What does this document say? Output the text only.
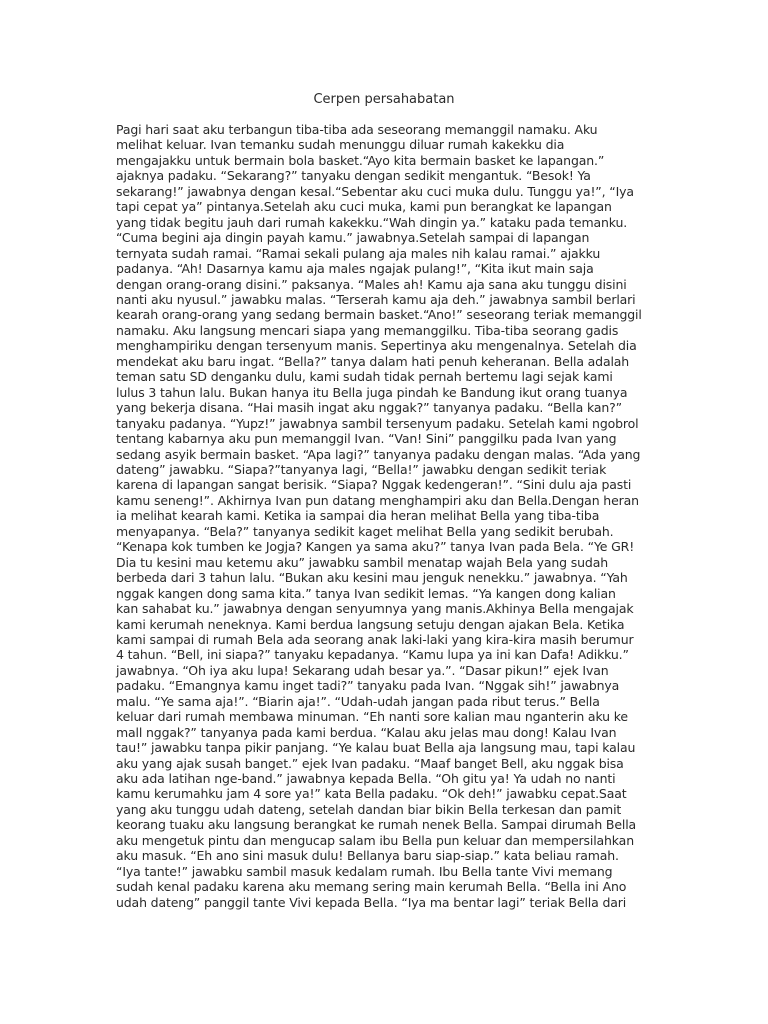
Cerpen persahabatan
Pagi hari saat aku terbangun tiba-tiba ada seseorang memanggil namaku. Aku
melihat keluar. Ivan temanku sudah menunggu diluar rumah kakekku dia
mengajakku untuk bermain bola basket.“Ayo kita bermain basket ke lapangan.”
ajaknya padaku. “Sekarang?” tanyaku dengan sedikit mengantuk. “Besok! Ya
sekarang!” jawabnya dengan kesal.“Sebentar aku cuci muka dulu. Tunggu ya!”, “Iya
tapi cepat ya” pintanya.Setelah aku cuci muka, kami pun berangkat ke lapangan
yang tidak begitu jauh dari rumah kakekku.“Wah dingin ya.” kataku pada temanku.
“Cuma begini aja dingin payah kamu.” jawabnya.Setelah sampai di lapangan
ternyata sudah ramai. “Ramai sekali pulang aja males nih kalau ramai.” ajakku
padanya. “Ah! Dasarnya kamu aja males ngajak pulang!”, “Kita ikut main saja
dengan orang-orang disini.” paksanya. “Males ah! Kamu aja sana aku tunggu disini
nanti aku nyusul.” jawabku malas. “Terserah kamu aja deh.” jawabnya sambil berlari
kearah orang-orang yang sedang bermain basket.“Ano!” seseorang teriak memanggil
namaku. Aku langsung mencari siapa yang memanggilku. Tiba-tiba seorang gadis
menghampiriku dengan tersenyum manis. Sepertinya aku mengenalnya. Setelah dia
mendekat aku baru ingat. “Bella?” tanya dalam hati penuh keheranan. Bella adalah
teman satu SD denganku dulu, kami sudah tidak pernah bertemu lagi sejak kami
lulus 3 tahun lalu. Bukan hanya itu Bella juga pindah ke Bandung ikut orang tuanya
yang bekerja disana. “Hai masih ingat aku nggak?” tanyanya padaku. “Bella kan?”
tanyaku padanya. “Yupz!” jawabnya sambil tersenyum padaku. Setelah kami ngobrol
tentang kabarnya aku pun memanggil Ivan. “Van! Sini” panggilku pada Ivan yang
sedang asyik bermain basket. “Apa lagi?” tanyanya padaku dengan malas. “Ada yang
dateng” jawabku. “Siapa?”tanyanya lagi, “Bella!” jawabku dengan sedikit teriak
karena di lapangan sangat berisik. “Siapa? Nggak kedengeran!”. “Sini dulu aja pasti
kamu seneng!”. Akhirnya Ivan pun datang menghampiri aku dan Bella.Dengan heran
ia melihat kearah kami. Ketika ia sampai dia heran melihat Bella yang tiba-tiba
menyapanya. “Bela?” tanyanya sedikit kaget melihat Bella yang sedikit berubah.
“Kenapa kok tumben ke Jogja? Kangen ya sama aku?” tanya Ivan pada Bela. “Ye GR!
Dia tu kesini mau ketemu aku” jawabku sambil menatap wajah Bela yang sudah
berbeda dari 3 tahun lalu. “Bukan aku kesini mau jenguk nenekku.” jawabnya. “Yah
nggak kangen dong sama kita.” tanya Ivan sedikit lemas. “Ya kangen dong kalian
kan sahabat ku.” jawabnya dengan senyumnya yang manis.Akhinya Bella mengajak
kami kerumah neneknya. Kami berdua langsung setuju dengan ajakan Bela. Ketika
kami sampai di rumah Bela ada seorang anak laki-laki yang kira-kira masih berumur
4 tahun. “Bell, ini siapa?” tanyaku kepadanya. “Kamu lupa ya ini kan Dafa! Adikku.”
jawabnya. “Oh iya aku lupa! Sekarang udah besar ya.”. “Dasar pikun!” ejek Ivan
padaku. “Emangnya kamu inget tadi?” tanyaku pada Ivan. “Nggak sih!” jawabnya
malu. “Ye sama aja!”. “Biarin aja!”. “Udah-udah jangan pada ribut terus.” Bella
keluar dari rumah membawa minuman. “Eh nanti sore kalian mau nganterin aku ke
mall nggak?” tanyanya pada kami berdua. “Kalau aku jelas mau dong! Kalau Ivan
tau!” jawabku tanpa pikir panjang. “Ye kalau buat Bella aja langsung mau, tapi kalau
aku yang ajak susah banget.” ejek Ivan padaku. “Maaf banget Bell, aku nggak bisa
aku ada latihan nge-band.” jawabnya kepada Bella. “Oh gitu ya! Ya udah no nanti
kamu kerumahku jam 4 sore ya!” kata Bella padaku. “Ok deh!” jawabku cepat.Saat
yang aku tunggu udah dateng, setelah dandan biar bikin Bella terkesan dan pamit
keorang tuaku aku langsung berangkat ke rumah nenek Bella. Sampai dirumah Bella
aku mengetuk pintu dan mengucap salam ibu Bella pun keluar dan mempersilahkan
aku masuk. “Eh ano sini masuk dulu! Bellanya baru siap-siap.” kata beliau ramah.
“Iya tante!” jawabku sambil masuk kedalam rumah. Ibu Bella tante Vivi memang
sudah kenal padaku karena aku memang sering main kerumah Bella. “Bella ini Ano
udah dateng” panggil tante Vivi kepada Bella. “Iya ma bentar lagi” teriak Bella dari
